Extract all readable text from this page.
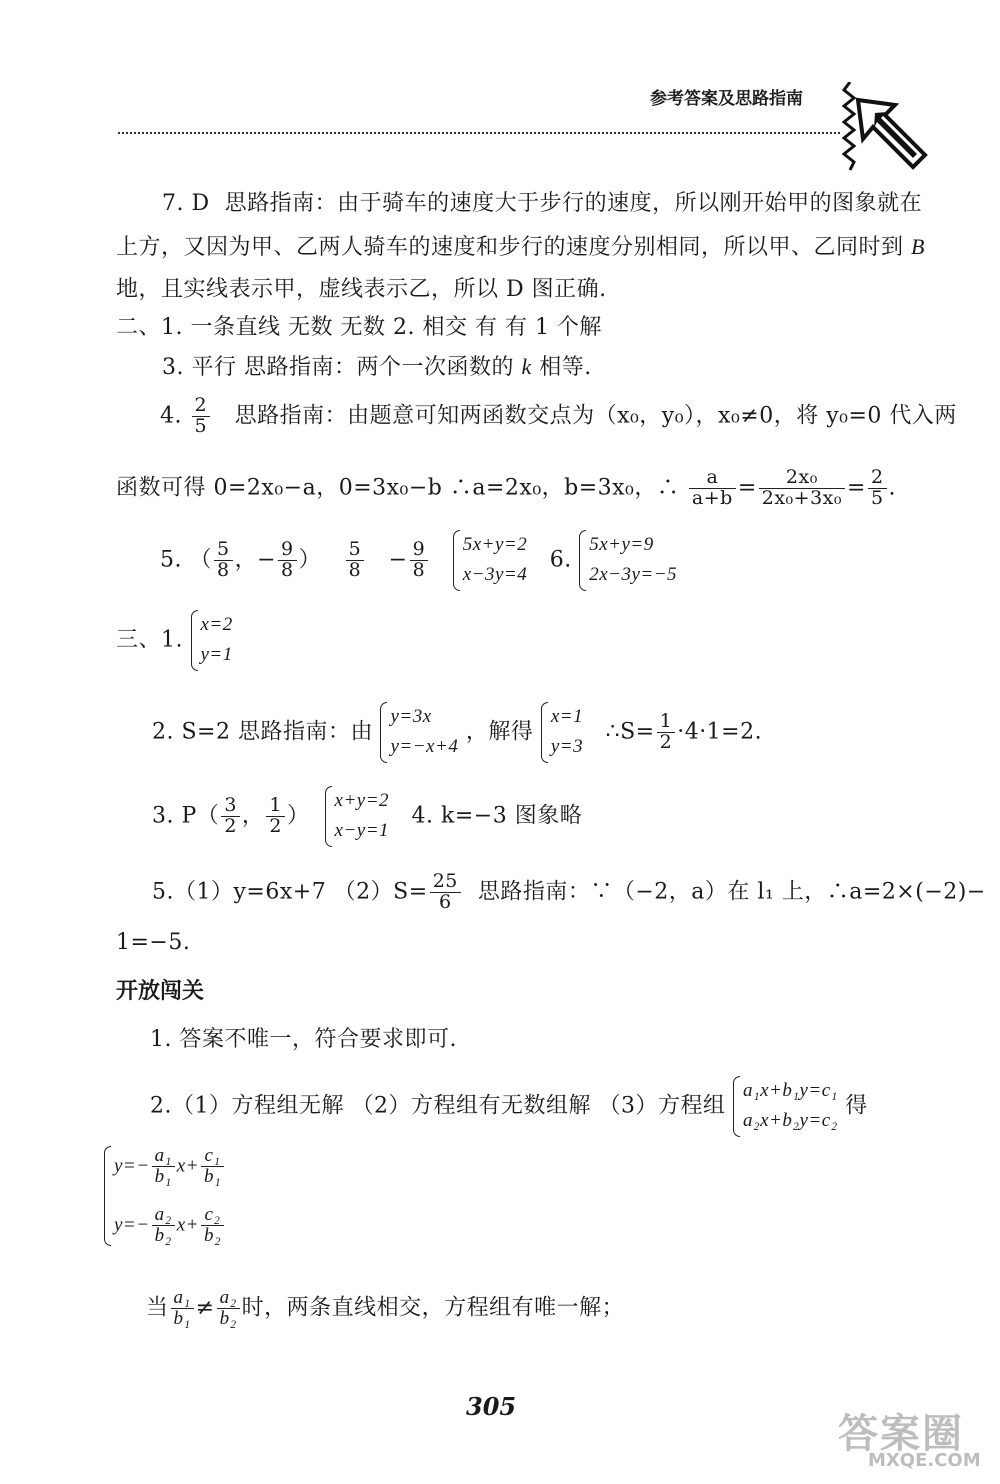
参考答案及思路指南
7. D 思路指南：由于骑车的速度大于步行的速度，所以刚开始甲的图象就在
上方，又因为甲、乙两人骑车的速度和步行的速度分别相同，所以甲、乙同时到 B
地，且实线表示甲，虚线表示乙，所以 D 图正确.
二、1. 一条直线 无数 无数 2. 相交 有 有 1 个解
3. 平行 思路指南：两个一次函数的 k 相等.
4. $\frac{2}{5}$ 思路指南：由题意可知两函数交点为（x₀，y₀），x₀≠0，将 y₀=0 代入两
函数可得 0=2x₀−a，0=3x₀−b ∴a=2x₀，b=3x₀，∴ $\frac{a}{a+b} = \frac{\text{2x₀}}{\text{2x₀+3x₀}} = \frac{2}{5}$ .
5. （ $\frac{5}{8}$ ，− $\frac{9}{8}$ ） $\frac{5}{8} - \frac{9}{8}$
5x+y=2
x−3y=4
6.
5x+y=9
2x−3y=−5
三、1.
x=2
y=1
2. S=2 思路指南：由
y=3x
y=−x+4
，解得
x=1
y=3
∴S= $\frac{1}{2} \cdot 4\cdot 1=2$.
3. $P( \frac{3}{2}$ ， $\frac{1}{2}$ ）
x+y=2
x−y=1
4. k=−3 图象略
5.（1）y=6x+7 $(2)S= \frac{25}{6}$ 思路指南：∵（−2，a）在 l₁ 上，∴a=2×(−2)−
1=−5.
开放闯关
1. 答案不唯一，符合要求即可.
2.（1）方程组无解 （2）方程组有无数组解 （3）方程组
a₁x+b₁y=c₁
a₂x+b₂y=c₂
得
$y=- \frac{\text{a₁}}{\text{b₁}} x+ \frac{\text{c₁}}{\text{b₁}}$
$y=- \frac{\text{a₂}}{\text{b₂}} x+ \frac{\text{c₂}}{\text{b₂}}$
当 $\frac{\text{a₁}}{\text{b₁}} \ne \frac{\text{a₂}}{\text{b₂}}$ 时，两条直线相交，方程组有唯一解；
305
答案圈
MXQE.COM
